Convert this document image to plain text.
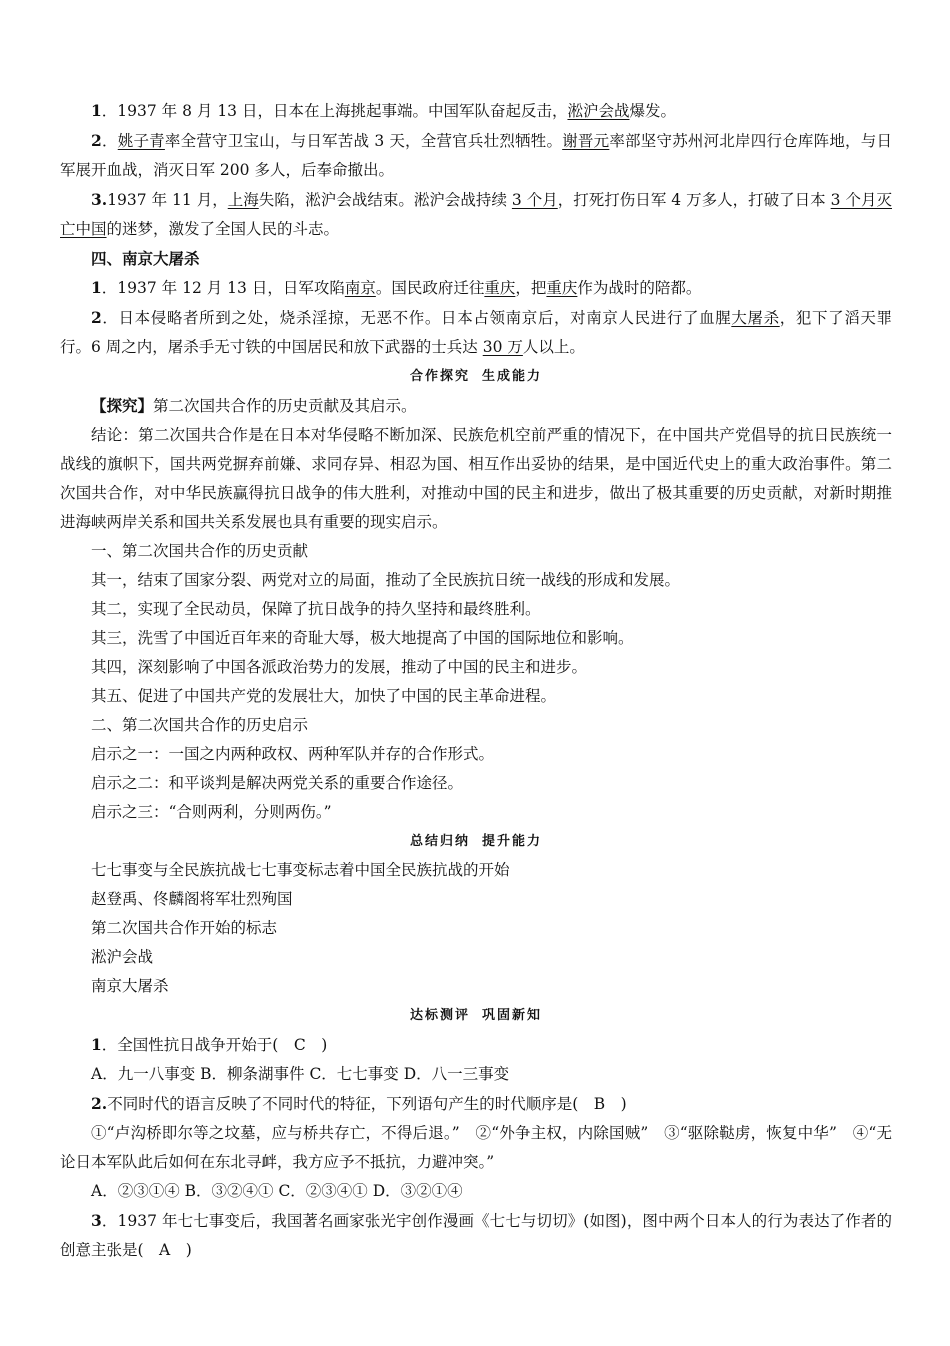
1．1937 年 8 月 13 日，日本在上海挑起事端。中国军队奋起反击，淞沪会战爆发。

2．姚子青率全营守卫宝山，与日军苦战 3 天，全营官兵壮烈牺牲。谢晋元率部坚守苏州河北岸四行仓库阵地，与日军展开血战，消灭日军 200 多人，后奉命撤出。

3.1937 年 11 月，上海失陷，淞沪会战结束。淞沪会战持续 3 个月，打死打伤日军 4 万多人，打破了日本 3 个月灭亡中国的迷梦，激发了全国人民的斗志。

四、南京大屠杀

1．1937 年 12 月 13 日，日军攻陷南京。国民政府迁往重庆，把重庆作为战时的陪都。

2．日本侵略者所到之处，烧杀淫掠，无恶不作。日本占领南京后，对南京人民进行了血腥大屠杀，犯下了滔天罪行。6 周之内，屠杀手无寸铁的中国居民和放下武器的士兵达 30 万人以上。

合作探究 生成能力

【探究】第二次国共合作的历史贡献及其启示。

结论：第二次国共合作是在日本对华侵略不断加深、民族危机空前严重的情况下，在中国共产党倡导的抗日民族统一战线的旗帜下，国共两党摒弃前嫌、求同存异、相忍为国、相互作出妥协的结果，是中国近代史上的重大政治事件。第二次国共合作，对中华民族赢得抗日战争的伟大胜利，对推动中国的民主和进步，做出了极其重要的历史贡献，对新时期推进海峡两岸关系和国共关系发展也具有重要的现实启示。

一、第二次国共合作的历史贡献

其一，结束了国家分裂、两党对立的局面，推动了全民族抗日统一战线的形成和发展。

其二，实现了全民动员，保障了抗日战争的持久坚持和最终胜利。

其三，洗雪了中国近百年来的奇耻大辱，极大地提高了中国的国际地位和影响。

其四，深刻影响了中国各派政治势力的发展，推动了中国的民主和进步。

其五、促进了中国共产党的发展壮大，加快了中国的民主革命进程。

二、第二次国共合作的历史启示

启示之一：一国之内两种政权、两种军队并存的合作形式。

启示之二：和平谈判是解决两党关系的重要合作途径。

启示之三：“合则两利，分则两伤。”

总结归纳 提升能力

七七事变与全民族抗战七七事变标志着中国全民族抗战的开始

赵登禹、佟麟阁将军壮烈殉国

第二次国共合作开始的标志

淞沪会战

南京大屠杀

达标测评 巩固新知

1．全国性抗日战争开始于(　C　)

A．九一八事变 B．柳条湖事件 C．七七事变 D．八一三事变

2.不同时代的语言反映了不同时代的特征，下列语句产生的时代顺序是(　B　)

①“卢沟桥即尔等之坟墓，应与桥共存亡，不得后退。”　②“外争主权，内除国贼”　③“驱除鞑虏，恢复中华”　④“无论日本军队此后如何在东北寻衅，我方应予不抵抗，力避冲突。”

A．②③①④ B．③②④① C．②③④① D．③②①④

3．1937 年七七事变后，我国著名画家张光宇创作漫画《七七与切切》(如图)，图中两个日本人的行为表达了作者的创意主张是(　A　)
